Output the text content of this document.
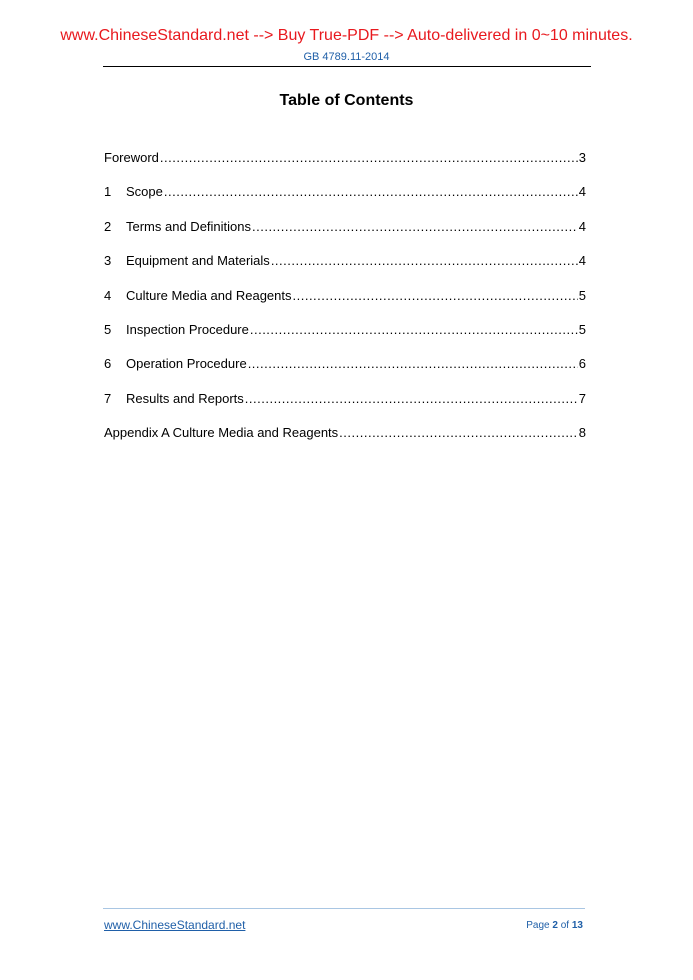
www.ChineseStandard.net --> Buy True-PDF --> Auto-delivered in 0~10 minutes.
GB 4789.11-2014
Table of Contents
Foreword .....	3
1	Scope .....	4
2	Terms and Definitions .....	4
3	Equipment and Materials .....	4
4	Culture Media and Reagents .....	5
5	Inspection Procedure .....	5
6	Operation Procedure .....	6
7	Results and Reports .....	7
Appendix A Culture Media and Reagents .....	8
www.ChineseStandard.net	Page 2 of 13
